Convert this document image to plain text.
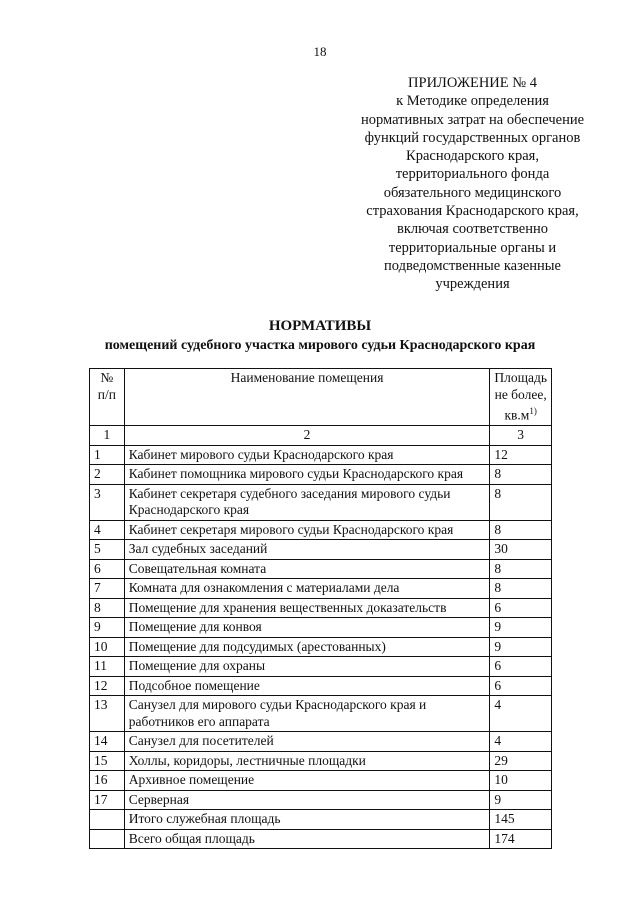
18
ПРИЛОЖЕНИЕ № 4
к Методике определения
нормативных затрат на обеспечение
функций государственных органов
Краснодарского края,
территориального фонда
обязательного медицинского
страхования Краснодарского края,
включая соответственно
территориальные органы и
подведомственные казенные
учреждения
НОРМАТИВЫ
помещений судебного участка мирового судьи Краснодарского края
№ п/п	Наименование помещения	Площадь не более, $кв.м^{1)}$
1	2	3
1	Кабинет мирового судьи Краснодарского края	12
2	Кабинет помощника мирового судьи Краснодарского края	8
3	Кабинет секретаря судебного заседания мирового судьи Краснодарского края	8
4	Кабинет секретаря мирового судьи Краснодарского края	8
5	Зал судебных заседаний	30
6	Совещательная комната	8
7	Комната для ознакомления с материалами дела	8
8	Помещение для хранения вещественных доказательств	6
9	Помещение для конвоя	9
10	Помещение для подсудимых (арестованных)	9
11	Помещение для охраны	6
12	Подсобное помещение	6
13	Санузел для мирового судьи Краснодарского края и работников его аппарата	4
14	Санузел для посетителей	4
15	Холлы, коридоры, лестничные площадки	29
16	Архивное помещение	10
17	Серверная	9
	Итого служебная площадь	145
	Всего общая площадь	174
